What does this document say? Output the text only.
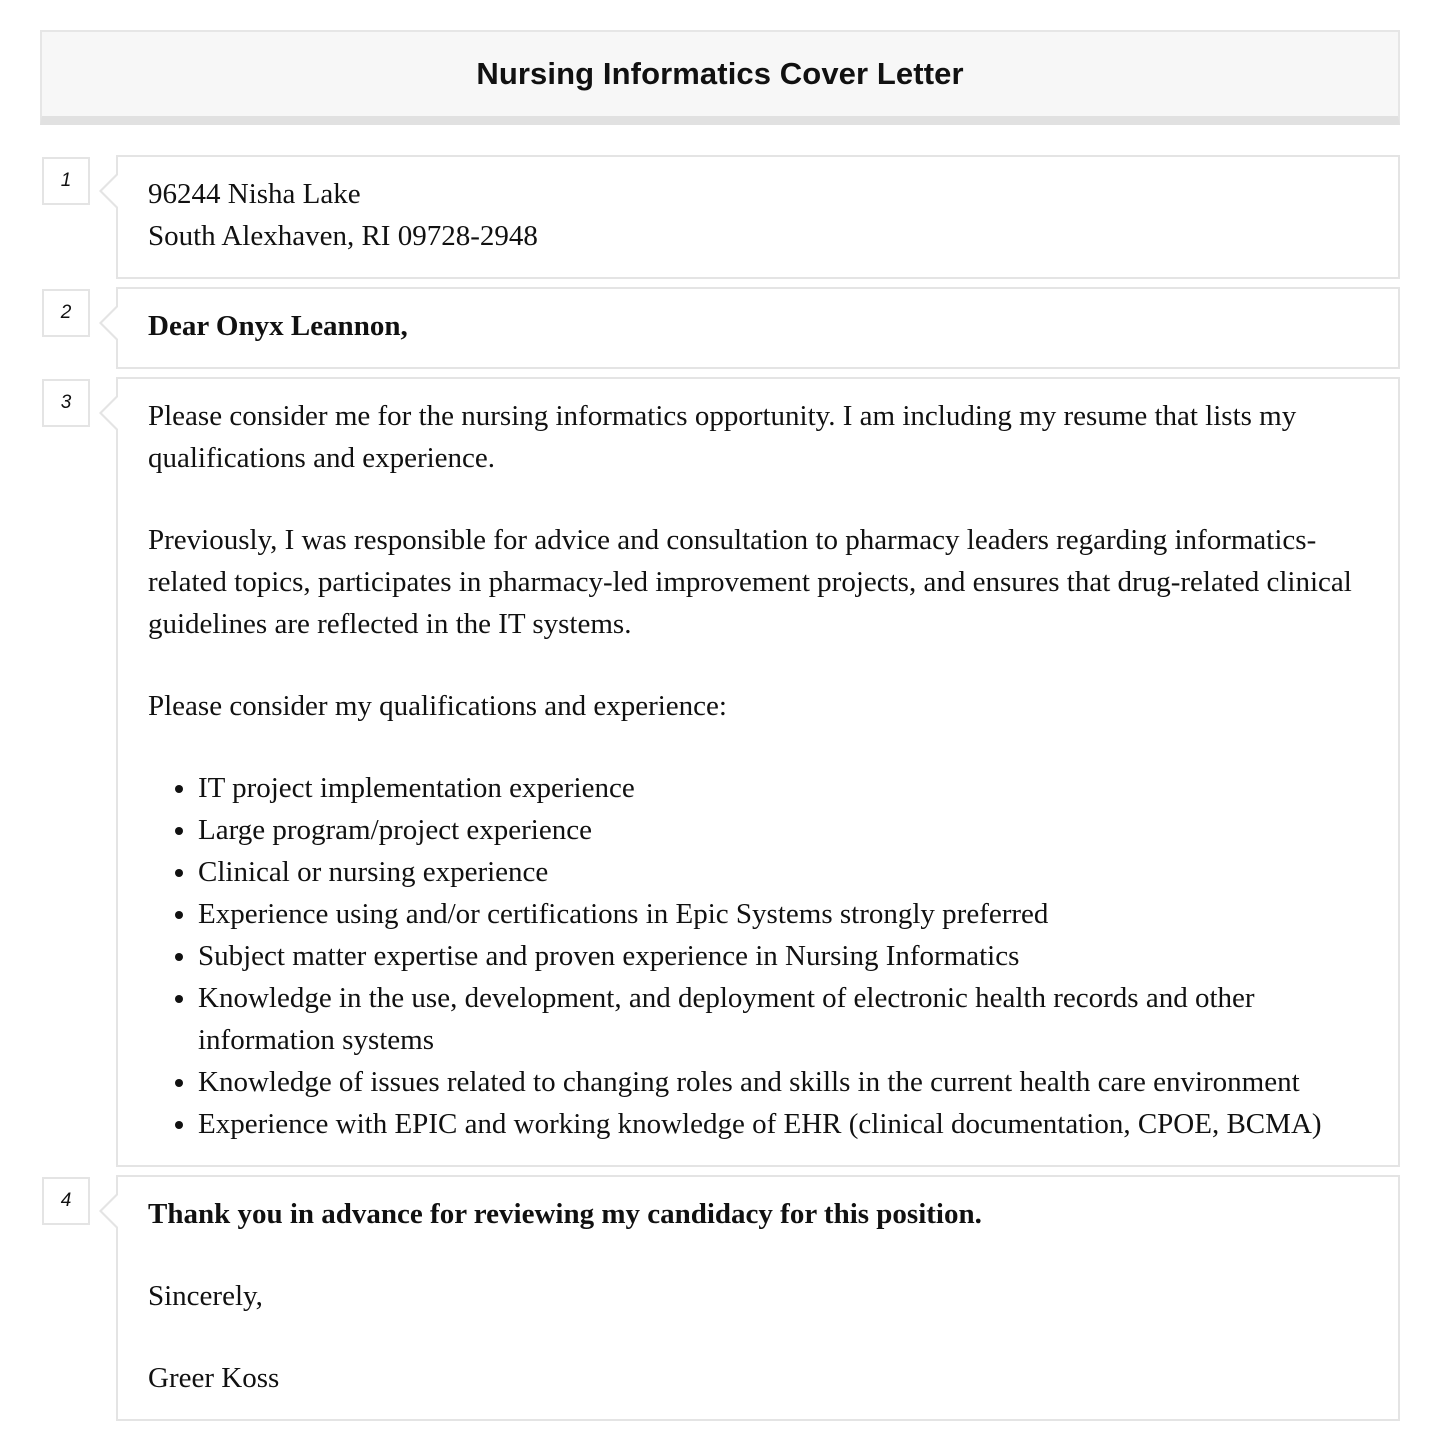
Nursing Informatics Cover Letter
1	96244 Nisha Lake
South Alexhaven, RI 09728-2948
2	Dear Onyx Leannon,
3	Please consider me for the nursing informatics opportunity. I am including my resume that lists my qualifications and experience.

Previously, I was responsible for advice and consultation to pharmacy leaders regarding informatics-related topics, participates in pharmacy-led improvement projects, and ensures that drug-related clinical guidelines are reflected in the IT systems.

Please consider my qualifications and experience:

• IT project implementation experience
• Large program/project experience
• Clinical or nursing experience
• Experience using and/or certifications in Epic Systems strongly preferred
• Subject matter expertise and proven experience in Nursing Informatics
• Knowledge in the use, development, and deployment of electronic health records and other information systems
• Knowledge of issues related to changing roles and skills in the current health care environment
• Experience with EPIC and working knowledge of EHR (clinical documentation, CPOE, BCMA)
4	Thank you in advance for reviewing my candidacy for this position.

Sincerely,

Greer Koss
